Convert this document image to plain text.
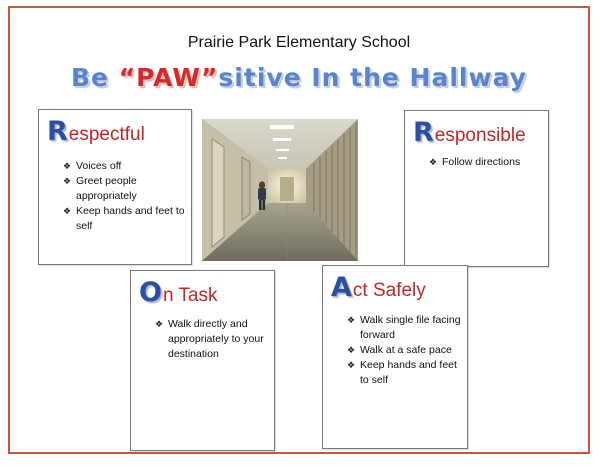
Prairie Park Elementary School
Be “PAW”sitive In the Hallway
Respectful
❖ Voices off
❖ Greet people appropriately
❖ Keep hands and feet to self
Responsible
❖ Follow directions
On Task
❖ Walk directly and appropriately to your destination
Act Safely
❖ Walk single file facing forward
❖ Walk at a safe pace
❖ Keep hands and feet to self
